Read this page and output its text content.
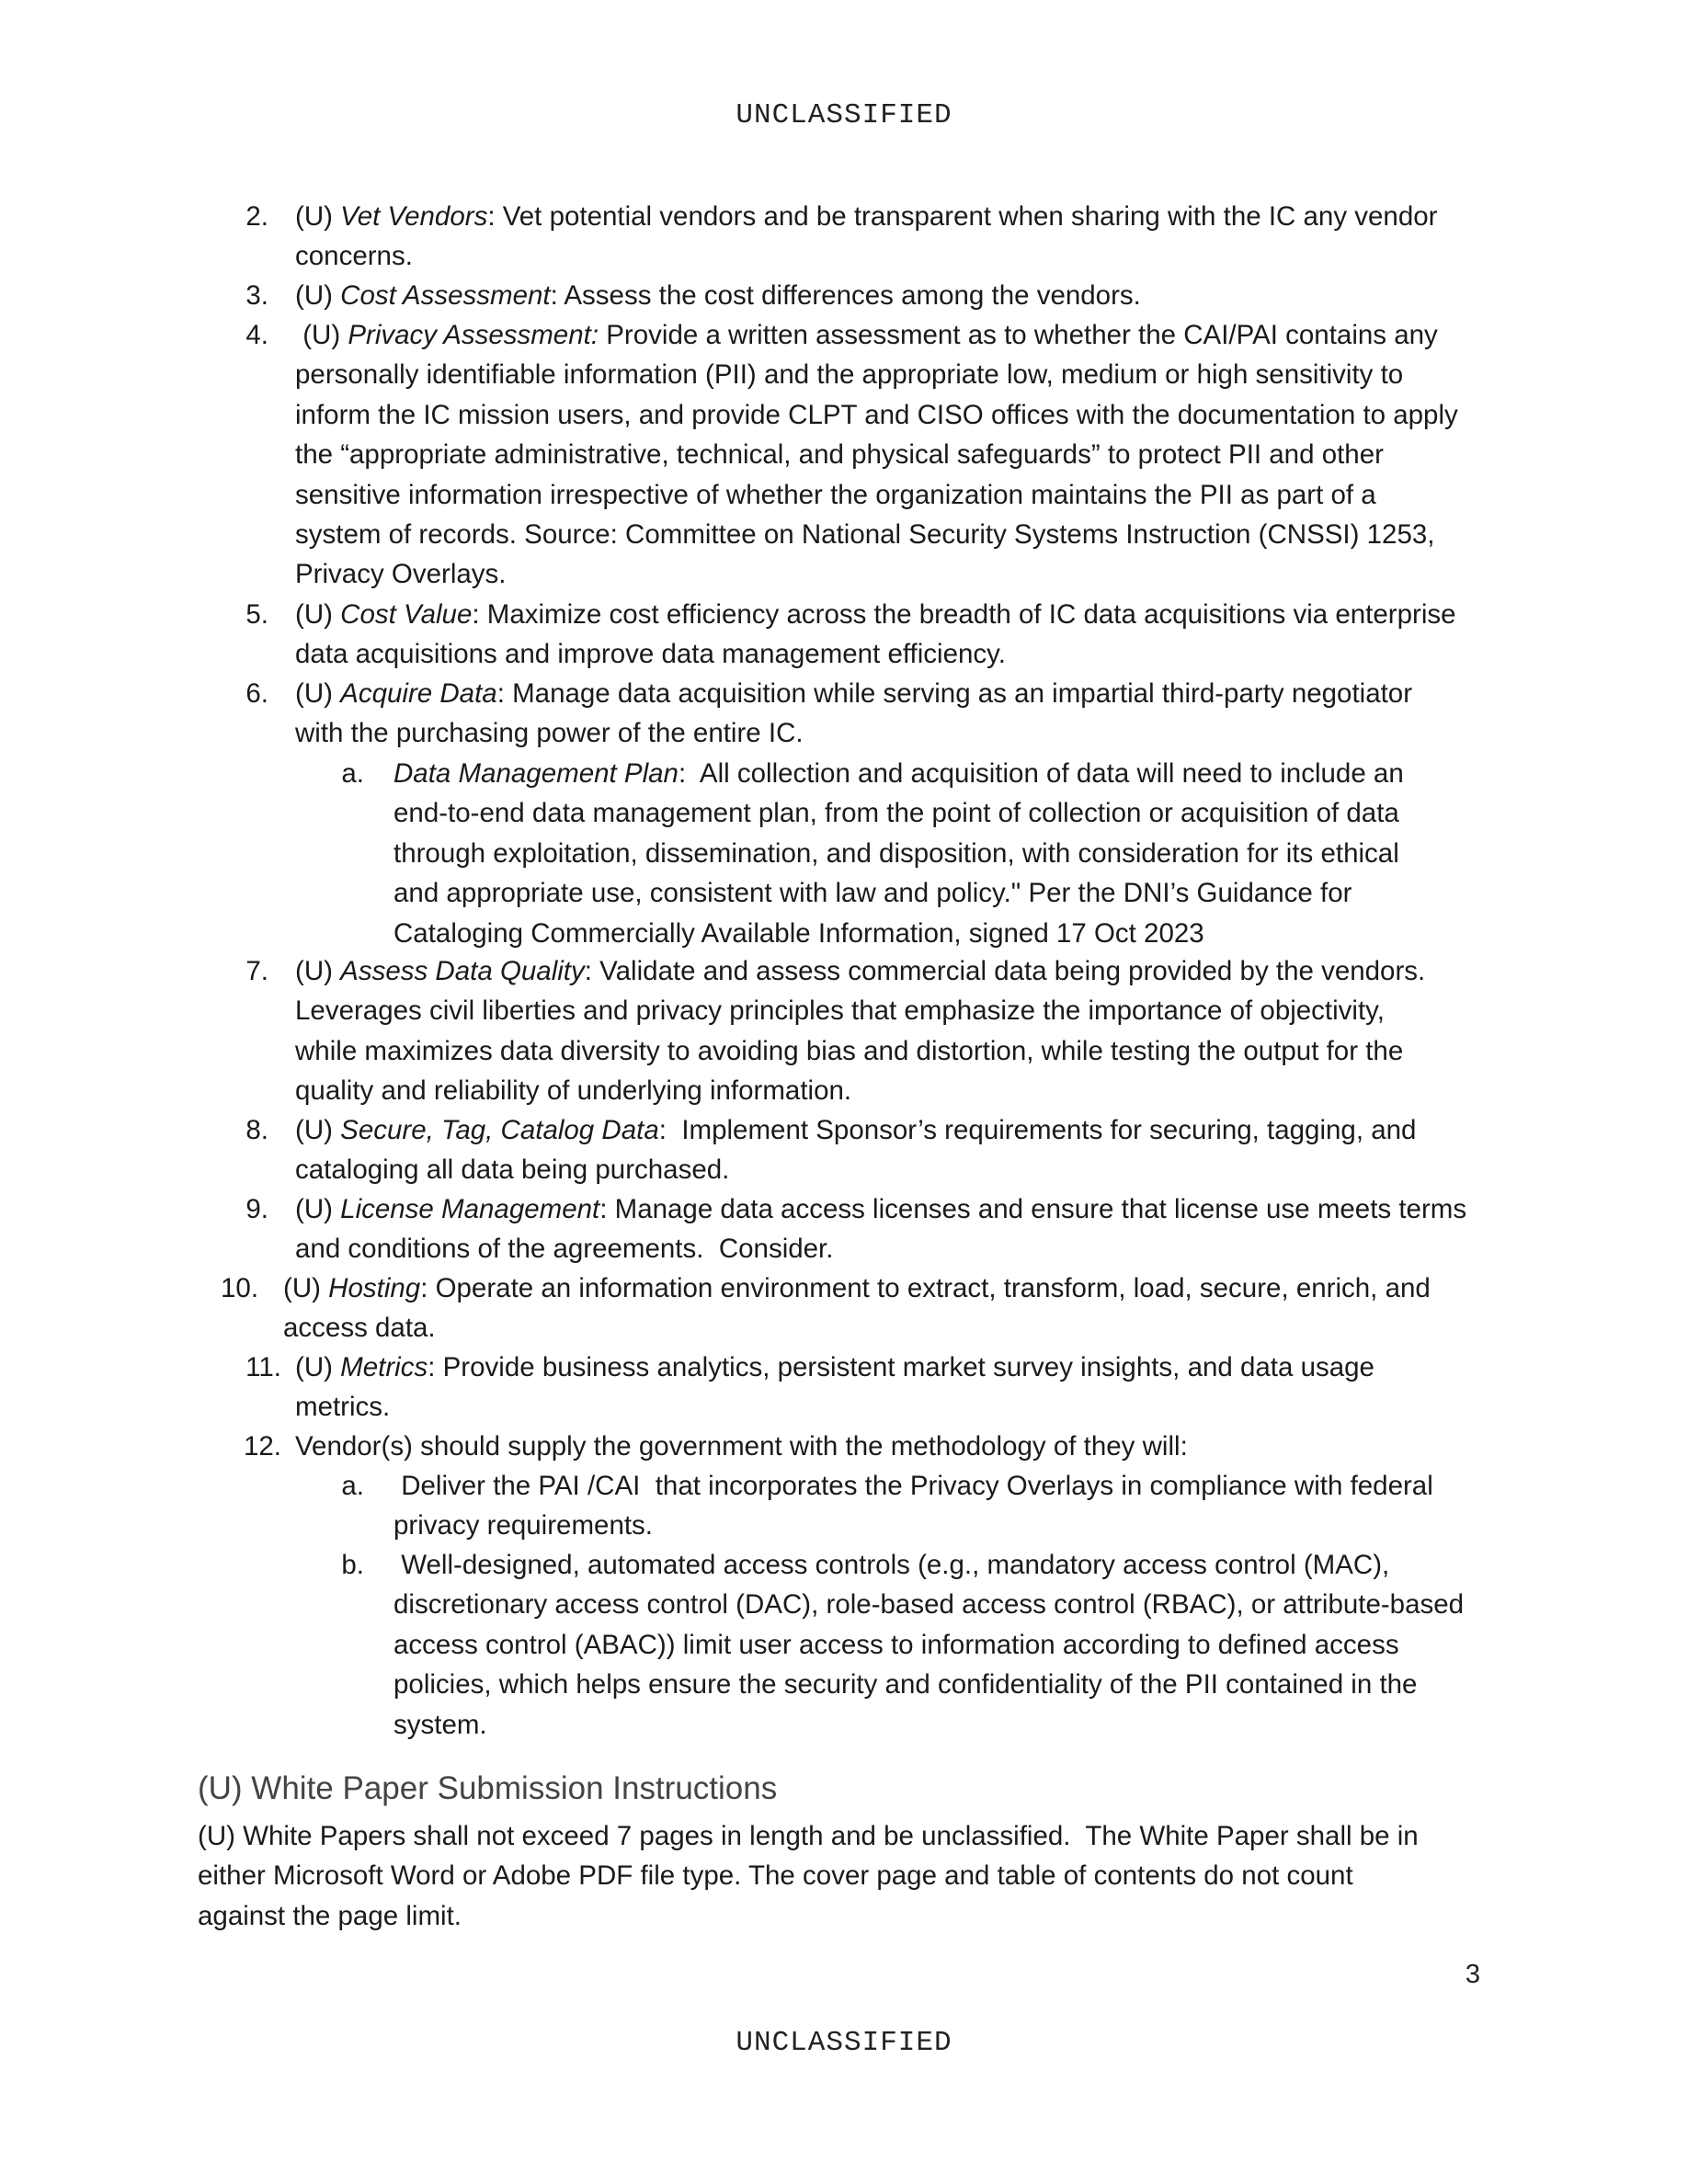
UNCLASSIFIED
2. (U) Vet Vendors: Vet potential vendors and be transparent when sharing with the IC any vendor
concerns.
3. (U) Cost Assessment: Assess the cost differences among the vendors.
4. (U) Privacy Assessment: Provide a written assessment as to whether the CAI/PAI contains any
personally identifiable information (PII) and the appropriate low, medium or high sensitivity to
inform the IC mission users, and provide CLPT and CISO offices with the documentation to apply
the “appropriate administrative, technical, and physical safeguards” to protect PII and other
sensitive information irrespective of whether the organization maintains the PII as part of a
system of records. Source: Committee on National Security Systems Instruction (CNSSI) 1253,
Privacy Overlays.
5. (U) Cost Value: Maximize cost efficiency across the breadth of IC data acquisitions via enterprise
data acquisitions and improve data management efficiency.
6. (U) Acquire Data: Manage data acquisition while serving as an impartial third-party negotiator
with the purchasing power of the entire IC.
a. Data Management Plan:  All collection and acquisition of data will need to include an
end-to-end data management plan, from the point of collection or acquisition of data
through exploitation, dissemination, and disposition, with consideration for its ethical
and appropriate use, consistent with law and policy." Per the DNI’s Guidance for
Cataloging Commercially Available Information, signed 17 Oct 2023
7. (U) Assess Data Quality: Validate and assess commercial data being provided by the vendors.
Leverages civil liberties and privacy principles that emphasize the importance of objectivity,
while maximizes data diversity to avoiding bias and distortion, while testing the output for the
quality and reliability of underlying information.
8. (U) Secure, Tag, Catalog Data:  Implement Sponsor’s requirements for securing, tagging, and
cataloging all data being purchased.
9. (U) License Management: Manage data access licenses and ensure that license use meets terms
and conditions of the agreements.  Consider.
10. (U) Hosting: Operate an information environment to extract, transform, load, secure, enrich, and
access data.
11. (U) Metrics: Provide business analytics, persistent market survey insights, and data usage
metrics.
12. Vendor(s) should supply the government with the methodology of they will:
a. Deliver the PAI /CAI  that incorporates the Privacy Overlays in compliance with federal
privacy requirements.
b. Well-designed, automated access controls (e.g., mandatory access control (MAC),
discretionary access control (DAC), role-based access control (RBAC), or attribute-based
access control (ABAC)) limit user access to information according to defined access
policies, which helps ensure the security and confidentiality of the PII contained in the
system.
(U) White Paper Submission Instructions
(U) White Papers shall not exceed 7 pages in length and be unclassified.  The White Paper shall be in
either Microsoft Word or Adobe PDF file type. The cover page and table of contents do not count
against the page limit.
3
UNCLASSIFIED
